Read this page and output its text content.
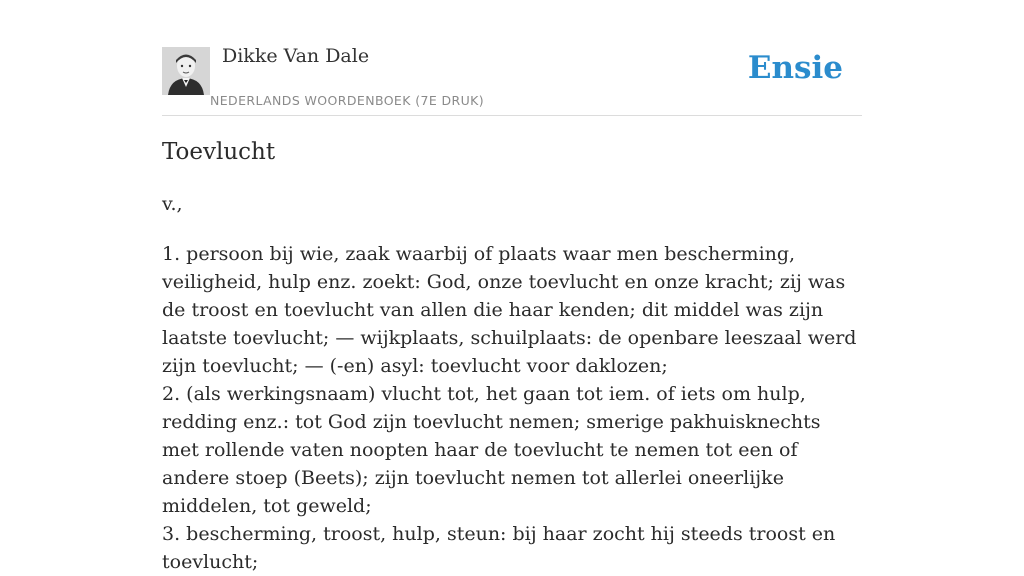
Dikke Van Dale
NEDERLANDS WOORDENBOEK (7E DRUK)
Ensie
Toevlucht
v.,

1. persoon bij wie, zaak waarbij of plaats waar men bescherming, veiligheid, hulp enz. zoekt: God, onze toevlucht en onze kracht; zij was de troost en toevlucht van allen die haar kenden; dit middel was zijn laatste toevlucht; — wijkplaats, schuilplaats: de openbare leeszaal werd zijn toevlucht; — (-en) asyl: toevlucht voor daklozen;

2. (als werkingsnaam) vlucht tot, het gaan tot iem. of iets om hulp, redding enz.: tot God zijn toevlucht nemen; smerige pakhuisknechts met rollende vaten noopten haar de toevlucht te nemen tot een of andere stoep (Beets); zijn toevlucht nemen tot allerlei oneerlijke middelen, tot geweld;

3. bescherming, troost, hulp, steun: bij haar zocht hij steeds troost en toevlucht;
